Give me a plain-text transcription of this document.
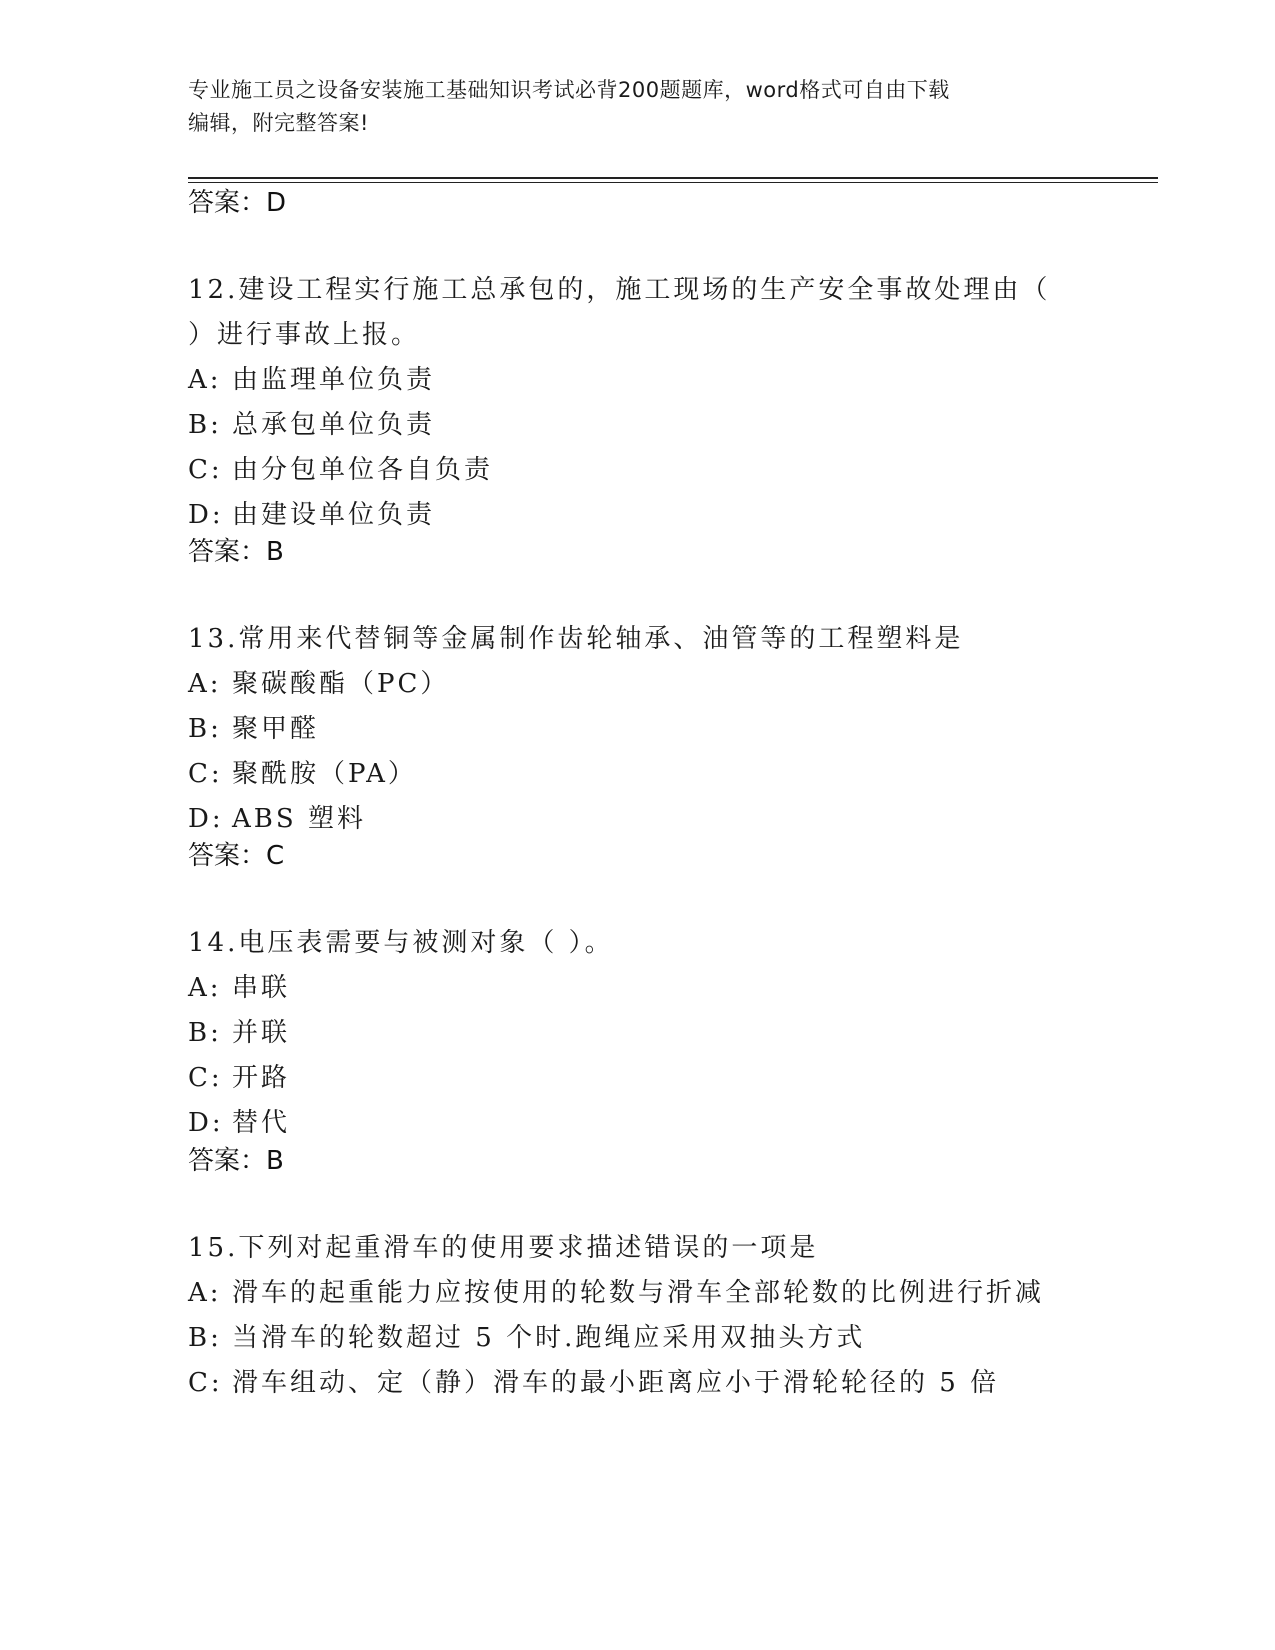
专业施工员之设备安装施工基础知识考试必背200题题库，word格式可自由下载
编辑，附完整答案!
答案：D
12.建设工程实行施工总承包的，施工现场的生产安全事故处理由（
）进行事故上报。
A: 由监理单位负责
B: 总承包单位负责
C: 由分包单位各自负责
D: 由建设单位负责
答案：B
13.常用来代替铜等金属制作齿轮轴承、油管等的工程塑料是
A: 聚碳酸酯（PC）
B: 聚甲醛
C: 聚酰胺（PA）
D: ABS 塑料
答案：C
14.电压表需要与被测对象（ ）。
A: 串联
B: 并联
C: 开路
D: 替代
答案：B
15.下列对起重滑车的使用要求描述错误的一项是
A: 滑车的起重能力应按使用的轮数与滑车全部轮数的比例进行折减
B: 当滑车的轮数超过 5 个时.跑绳应采用双抽头方式
C: 滑车组动、定（静）滑车的最小距离应小于滑轮轮径的 5 倍
